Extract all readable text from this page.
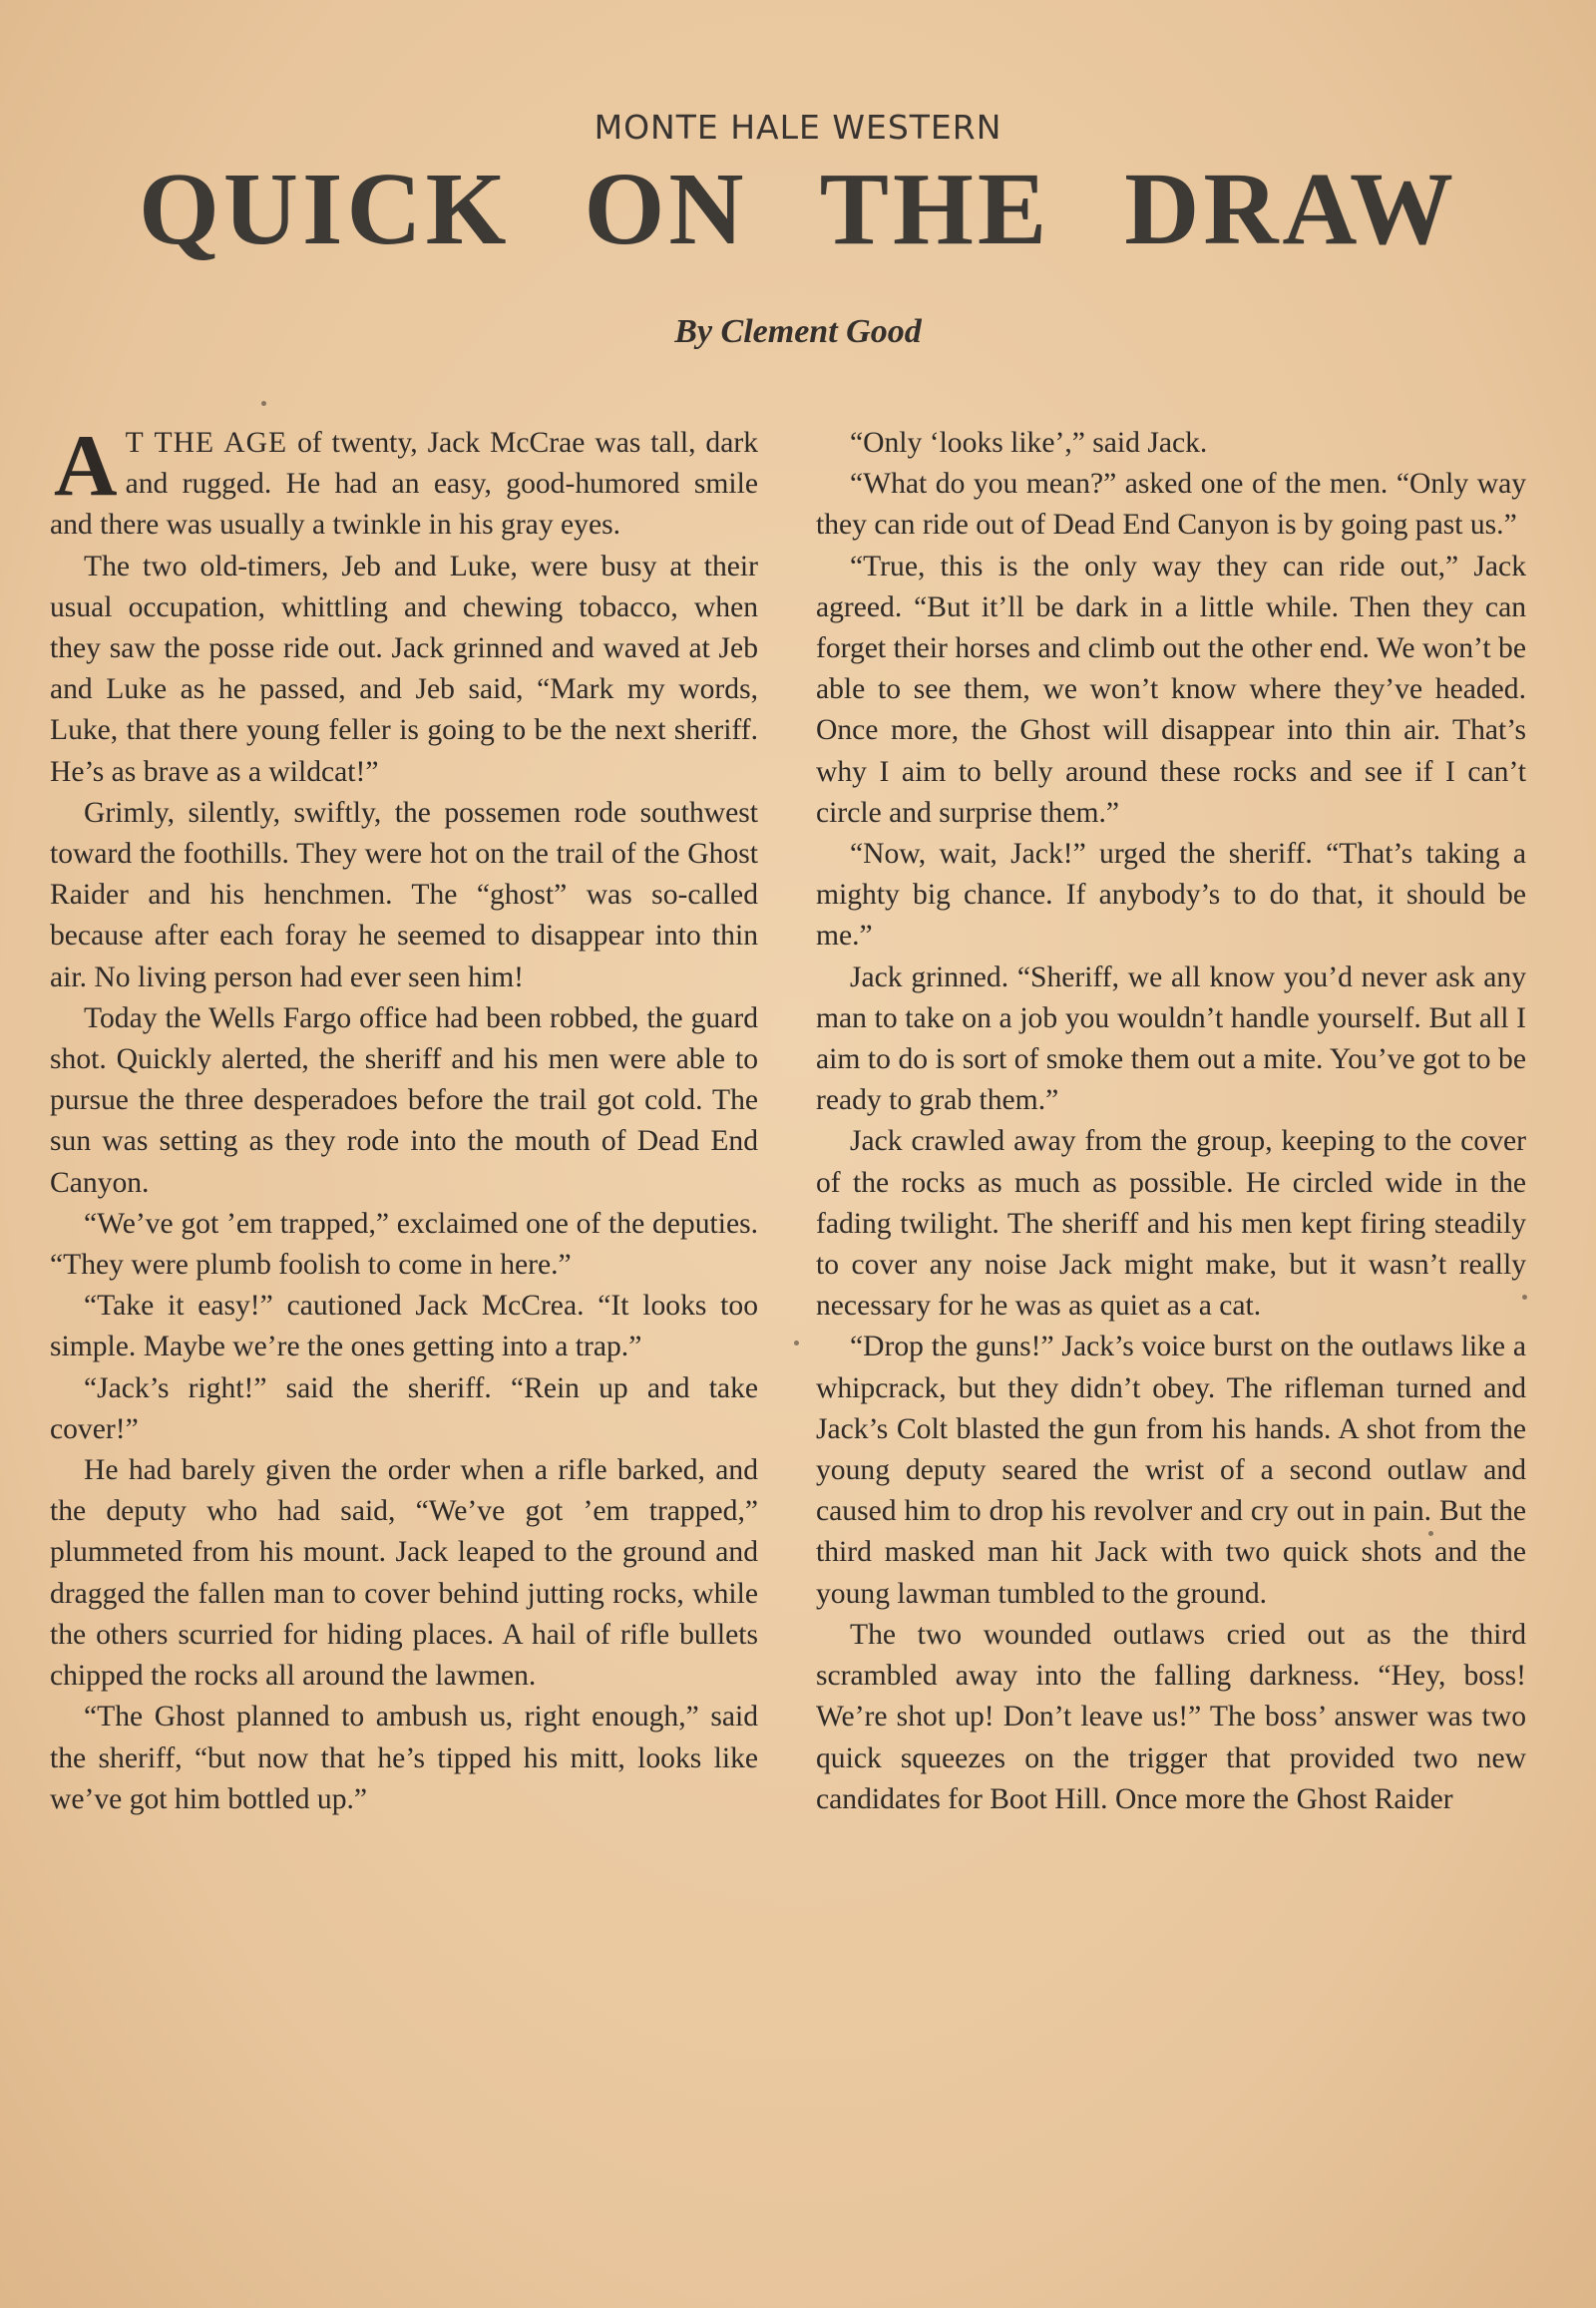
MONTE HALE WESTERN
QUICK ON THE DRAW
By Clement Good

A T THE AGE of twenty, Jack McCrae was tall, dark and rugged. He had an easy, good-humored smile and there was usually a twinkle in his gray eyes.

The two old-timers, Jeb and Luke, were busy at their usual occupation, whittling and chewing tobacco, when they saw the posse ride out. Jack grinned and waved at Jeb and Luke as he passed, and Jeb said, “Mark my words, Luke, that there young feller is going to be the next sheriff. He’s as brave as a wildcat!”

Grimly, silently, swiftly, the possemen rode southwest toward the foothills. They were hot on the trail of the Ghost Raider and his henchmen. The “ghost” was so-called because after each foray he seemed to disappear into thin air. No living person had ever seen him!

Today the Wells Fargo office had been robbed, the guard shot. Quickly alerted, the sheriff and his men were able to pursue the three desperadoes before the trail got cold. The sun was setting as they rode into the mouth of Dead End Canyon.

“We’ve got ’em trapped,” exclaimed one of the deputies. “They were plumb foolish to come in here.”

“Take it easy!” cautioned Jack McCrea. “It looks too simple. Maybe we’re the ones getting into a trap.”

“Jack’s right!” said the sheriff. “Rein up and take cover!”

He had barely given the order when a rifle barked, and the deputy who had said, “We’ve got ’em trapped,” plummeted from his mount. Jack leaped to the ground and dragged the fallen man to cover behind jutting rocks, while the others scurried for hiding places. A hail of rifle bullets chipped the rocks all around the lawmen.

“The Ghost planned to ambush us, right enough,” said the sheriff, “but now that he’s tipped his mitt, looks like we’ve got him bottled up.”

“Only ‘looks like’,” said Jack.

“What do you mean?” asked one of the men. “Only way they can ride out of Dead End Canyon is by going past us.”

“True, this is the only way they can ride out,” Jack agreed. “But it’ll be dark in a little while. Then they can forget their horses and climb out the other end. We won’t be able to see them, we won’t know where they’ve headed. Once more, the Ghost will disappear into thin air. That’s why I aim to belly around these rocks and see if I can’t circle and surprise them.”

“Now, wait, Jack!” urged the sheriff. “That’s taking a mighty big chance. If anybody’s to do that, it should be me.”

Jack grinned. “Sheriff, we all know you’d never ask any man to take on a job you wouldn’t handle yourself. But all I aim to do is sort of smoke them out a mite. You’ve got to be ready to grab them.”

Jack crawled away from the group, keeping to the cover of the rocks as much as possible. He circled wide in the fading twilight. The sheriff and his men kept firing steadily to cover any noise Jack might make, but it wasn’t really necessary for he was as quiet as a cat.

“Drop the guns!” Jack’s voice burst on the outlaws like a whipcrack, but they didn’t obey. The rifleman turned and Jack’s Colt blasted the gun from his hands. A shot from the young deputy seared the wrist of a second outlaw and caused him to drop his revolver and cry out in pain. But the third masked man hit Jack with two quick shots and the young lawman tumbled to the ground.

The two wounded outlaws cried out as the third scrambled away into the falling darkness. “Hey, boss! We’re shot up! Don’t leave us!” The boss’ answer was two quick squeezes on the trigger that provided two new candidates for Boot Hill. Once more the Ghost Raider
